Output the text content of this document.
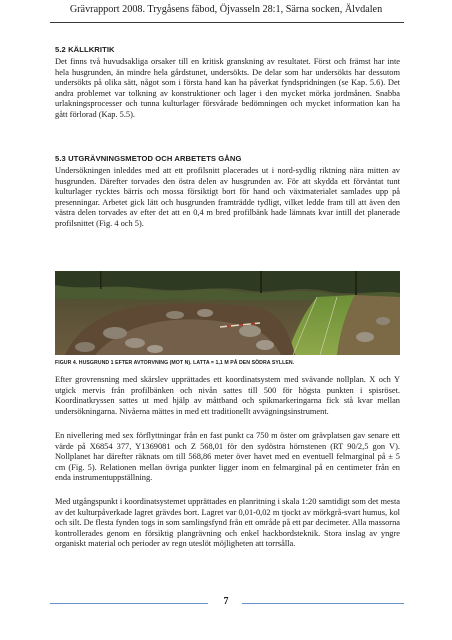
Grävrapport 2008. Trygåsens fäbod, Öjvasseln 28:1, Särna socken, Älvdalen
5.2 KÄLLKRITIK

Det finns två huvudsakliga orsaker till en kritisk granskning av resultatet. Först och främst har inte hela husgrunden, än mindre hela gårdstunet, undersökts. De delar som har undersökts har dessutom undersökts på olika sätt, något som i första hand kan ha påverkat fyndspridningen (se Kap. 5.6). Det andra problemet var tolkning av konstruktioner och lager i den mycket mörka jordmånen. Snabba urlakningsprocesser och tunna kulturlager försvårade bedömningen och mycket information kan ha gått förlorad (Kap. 5.5).

5.3 UTGRÄVNINGSMETOD OCH ARBETETS GÅNG

Undersökningen inleddes med att ett profilsnitt placerades ut i nord-sydlig riktning nära mitten av husgrunden. Därefter torvades den östra delen av husgrunden av. För att skydda ett förväntat tunt kulturlager rycktes bärris och mossa försiktigt bort för hand och växtmaterialet samlades upp på presenningar. Arbetet gick lätt och husgrunden framträdde tydligt, vilket ledde fram till att även den västra delen torvades av efter det att en 0,4 m bred profilbänk hade lämnats kvar intill det planerade profilsnittet (Fig. 4 och 5).

FIGUR 4. HUSGRUND 1 EFTER AVTORVNING (MOT N). LATTA = 1,1 M PÅ DEN SÖDRA SYLLEN.

Efter grovrensning med skärslev upprättades ett koordinatsystem med svävande nollplan. X och Y utgick mervis från profilbänken och nivån sattes till 500 för högsta punkten i spisröset. Koordinatkryssen sattes ut med hjälp av måttband och spikmarkeringarna fick stå kvar mellan undersökningarna. Nivåerna mättes in med ett traditionellt avvägningsinstrument.

En nivellering med sex förflyttningar från en fast punkt ca 750 m öster om grävplatsen gav senare ett värde på X6854 377, Y1369081 och Z 568,01 för den sydöstra hörnstenen (RT 90/2,5 gon V). Nollplanet har därefter räknats om till 568,86 meter över havet med en eventuell felmarginal på ± 5 cm (Fig. 5). Relationen mellan övriga punkter ligger inom en felmarginal på en centimeter från en enda instrumentuppställning.

Med utgångspunkt i koordinatsystemet upprättades en planritning i skala 1:20 samtidigt som det mesta av det kulturpåverkade lagret grävdes bort. Lagret var 0,01-0,02 m tjockt av mörkgrå-svart humus, kol och silt. De flesta fynden togs in som samlingsfynd från ett område på ett par decimeter. Alla massorna kontrollerades genom en försiktig plangrävning och enkel hackbordsteknik. Stora inslag av yngre organiskt material och perioder av regn uteslöt möjligheten att torrsålla.

7
